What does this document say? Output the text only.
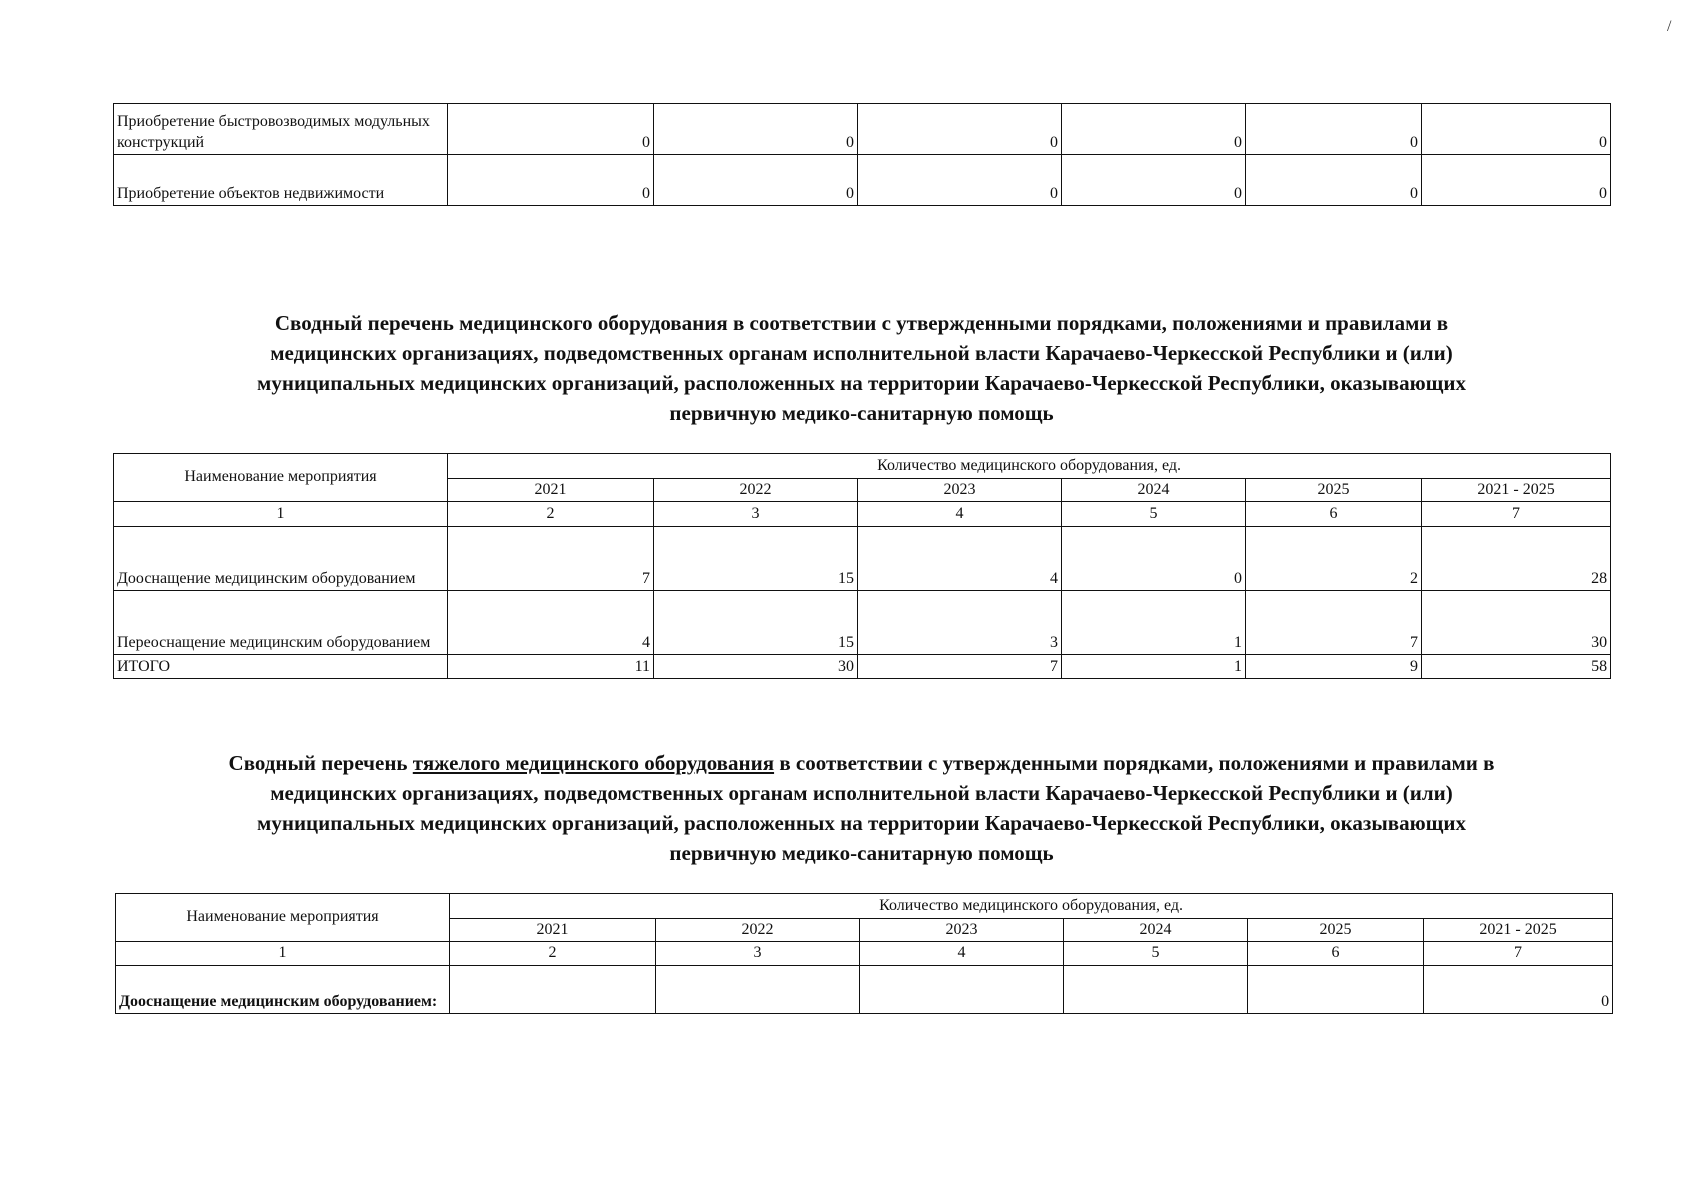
/
Приобретение быстровозводимых модульных конструкций	0	0	0	0	0	0
Приобретение объектов недвижимости	0	0	0	0	0	0
Сводный перечень медицинского оборудования в соответствии с утвержденными порядками, положениями и правилами в
медицинских организациях, подведомственных органам исполнительной власти Карачаево-Черкесской Республики и (или)
муниципальных медицинских организаций, расположенных на территории Карачаево-Черкесской Республики, оказывающих
первичную медико-санитарную помощь
Наименование мероприятия	Количество медицинского оборудования, ед.					
	2021	2022	2023	2024	2025	2021 - 2025
1	2	3	4	5	6	7
Дооснащение медицинским оборудованием	7	15	4	0	2	28
Переоснащение медицинским оборудованием	4	15	3	1	7	30
ИТОГО	11	30	7	1	9	58
Сводный перечень тяжелого медицинского оборудования в соответствии с утвержденными порядками, положениями и правилами в
медицинских организациях, подведомственных органам исполнительной власти Карачаево-Черкесской Республики и (или)
муниципальных медицинских организаций, расположенных на территории Карачаево-Черкесской Республики, оказывающих
первичную медико-санитарную помощь
Наименование мероприятия	Количество медицинского оборудования, ед.					
	2021	2022	2023	2024	2025	2021 - 2025
1	2	3	4	5	6	7
Дооснащение медицинским оборудованием:						0
